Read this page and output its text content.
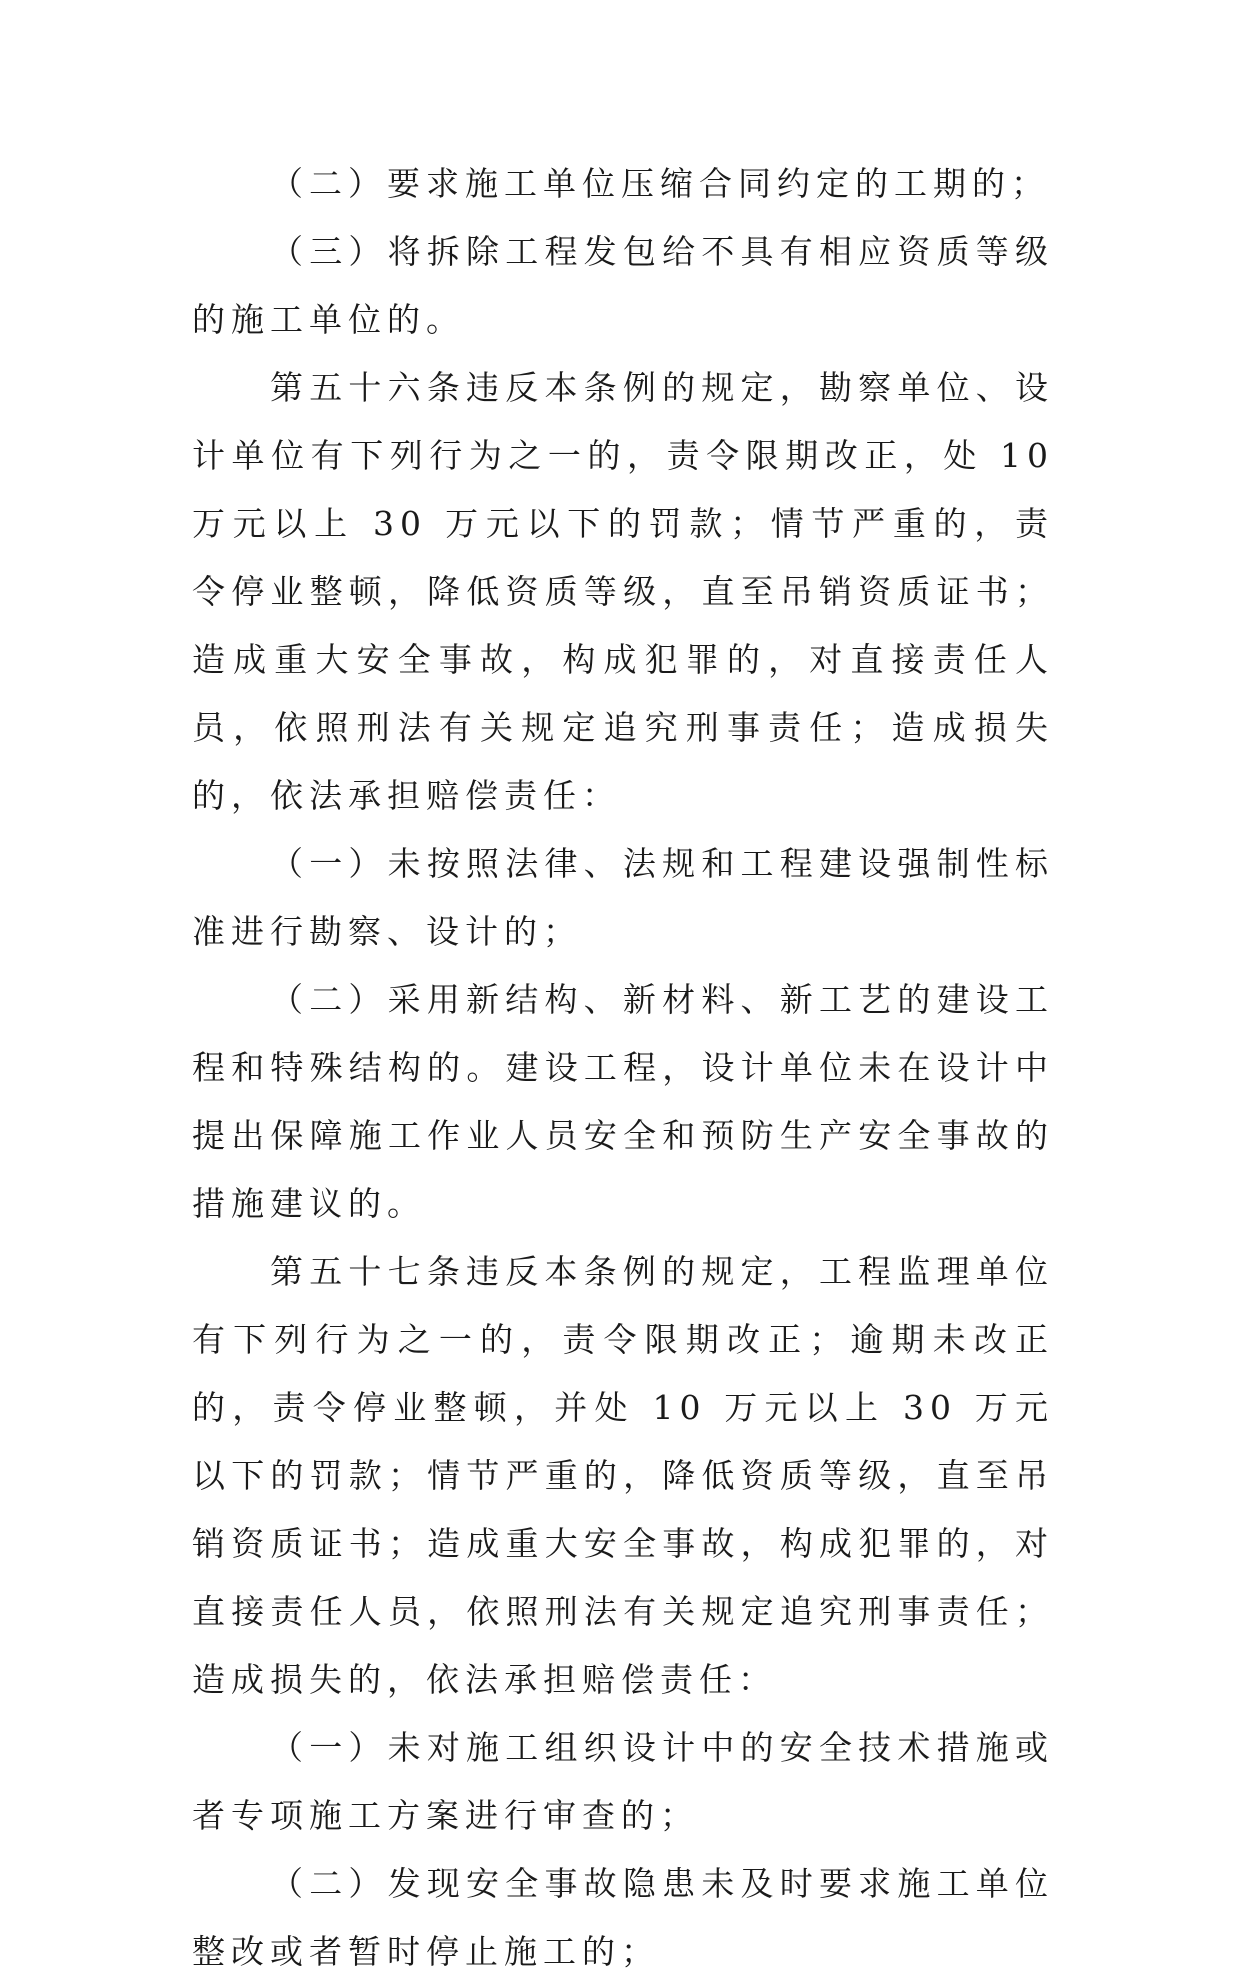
（二）要求施工单位压缩合同约定的工期的；

（三）将拆除工程发包给不具有相应资质等级的施工单位的。

第五十六条违反本条例的规定，勘察单位、设计单位有下列行为之一的，责令限期改正，处 10 万元以上 30 万元以下的罚款；情节严重的，责令停业整顿，降低资质等级，直至吊销资质证书；造成重大安全事故，构成犯罪的，对直接责任人员，依照刑法有关规定追究刑事责任；造成损失的，依法承担赔偿责任：

（一）未按照法律、法规和工程建设强制性标准进行勘察、设计的；

（二）采用新结构、新材料、新工艺的建设工程和特殊结构的。建设工程，设计单位未在设计中提出保障施工作业人员安全和预防生产安全事故的措施建议的。

第五十七条违反本条例的规定，工程监理单位有下列行为之一的，责令限期改正；逾期未改正的，责令停业整顿，并处 10 万元以上 30 万元以下的罚款；情节严重的，降低资质等级，直至吊销资质证书；造成重大安全事故，构成犯罪的，对直接责任人员，依照刑法有关规定追究刑事责任；造成损失的，依法承担赔偿责任：

（一）未对施工组织设计中的安全技术措施或者专项施工方案进行审查的；

（二）发现安全事故隐患未及时要求施工单位整改或者暂时停止施工的；
